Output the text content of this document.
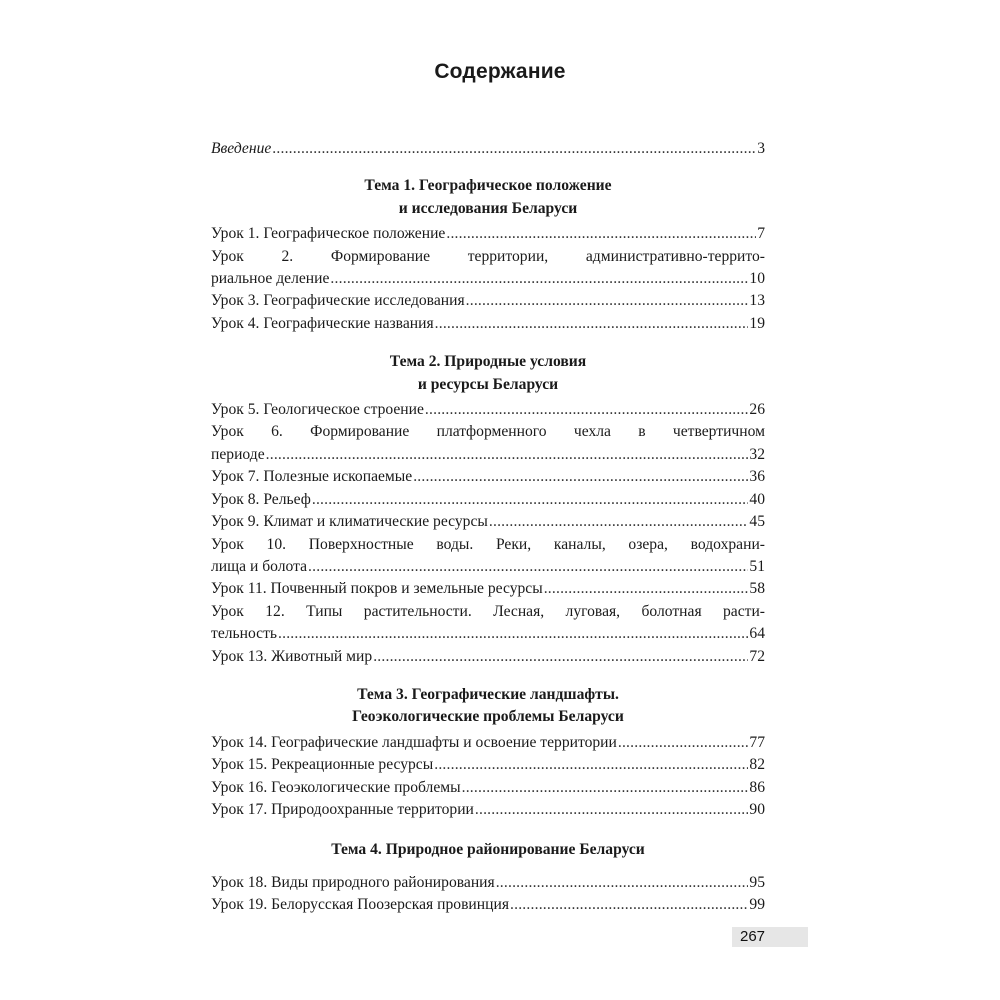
Содержание
Введение .....	3
Тема 1. Географическое положение
и исследования Беларуси
Урок 1. Географическое положение .....	7
Урок 2. Формирование территории, административно-террито-
риальное деление .....	10
Урок 3. Географические исследования .....	13
Урок 4. Географические названия .....	19
Тема 2. Природные условия
и ресурсы Беларуси
Урок 5. Геологическое строение .....	26
Урок 6. Формирование платформенного чехла в четвертичном
периоде .....	32
Урок 7. Полезные ископаемые .....	36
Урок 8. Рельеф .....	40
Урок 9. Климат и климатические ресурсы .....	45
Урок 10. Поверхностные воды. Реки, каналы, озера, водохрани-
лища и болота .....	51
Урок 11. Почвенный покров и земельные ресурсы .....	58
Урок 12. Типы растительности. Лесная, луговая, болотная расти-
тельность .....	64
Урок 13. Животный мир .....	72
Тема 3. Географические ландшафты.
Геоэкологические проблемы Беларуси
Урок 14. Географические ландшафты и освоение территории .....	77
Урок 15. Рекреационные ресурсы .....	82
Урок 16. Геоэкологические проблемы .....	86
Урок 17. Природоохранные территории .....	90
Тема 4. Природное районирование Беларуси
Урок 18. Виды природного районирования .....	95
Урок 19. Белорусская Поозерская провинция .....	99
267
